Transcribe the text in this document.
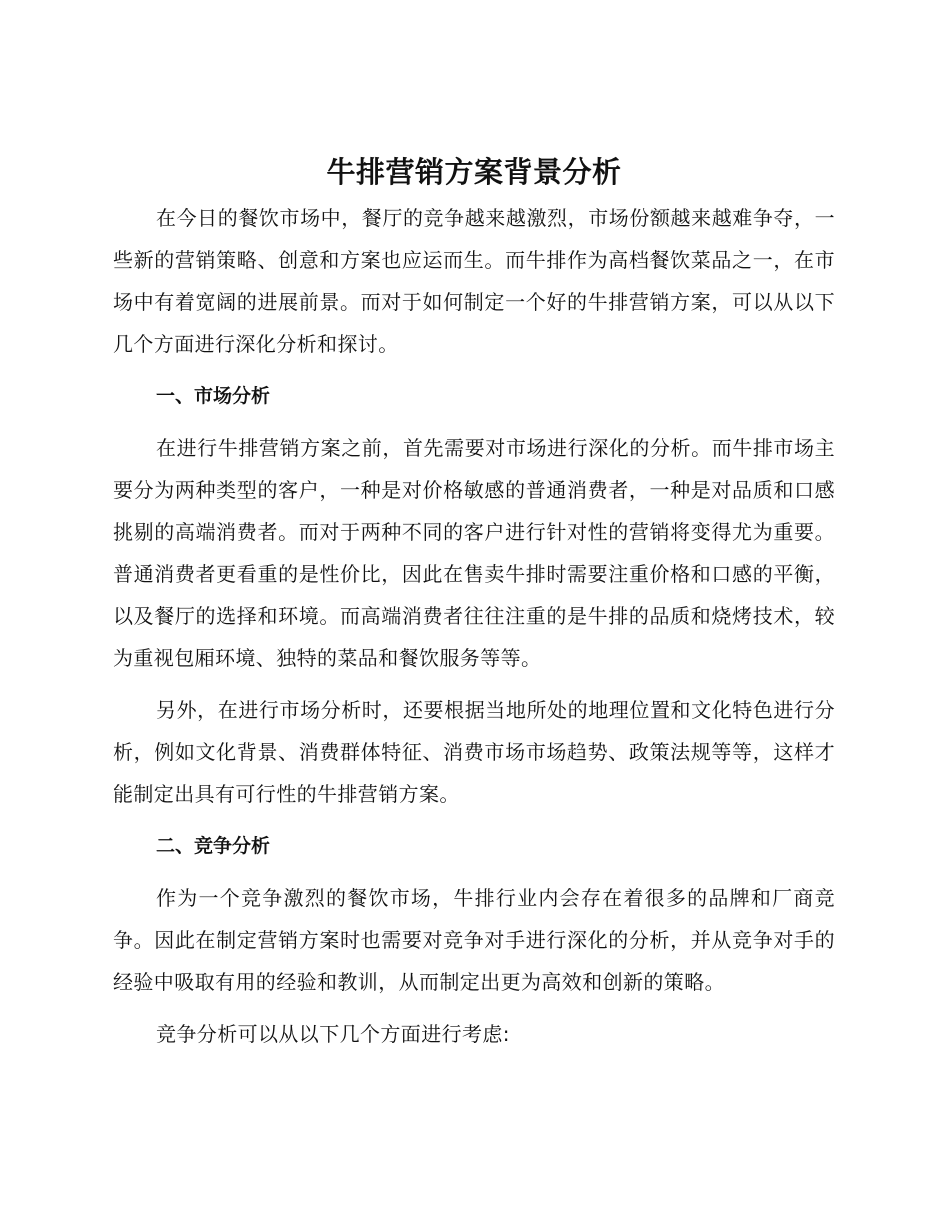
牛排营销方案背景分析

在今日的餐饮市场中，餐厅的竞争越来越激烈，市场份额越来越难争夺，一些新的营销策略、创意和方案也应运而生。而牛排作为高档餐饮菜品之一，在市场中有着宽阔的进展前景。而对于如何制定一个好的牛排营销方案，可以从以下几个方面进行深化分析和探讨。

一、市场分析

在进行牛排营销方案之前，首先需要对市场进行深化的分析。而牛排市场主要分为两种类型的客户，一种是对价格敏感的普通消费者，一种是对品质和口感挑剔的高端消费者。而对于两种不同的客户进行针对性的营销将变得尤为重要。普通消费者更看重的是性价比，因此在售卖牛排时需要注重价格和口感的平衡，以及餐厅的选择和环境。而高端消费者往往注重的是牛排的品质和烧烤技术，较为重视包厢环境、独特的菜品和餐饮服务等等。

另外，在进行市场分析时，还要根据当地所处的地理位置和文化特色进行分析，例如文化背景、消费群体特征、消费市场市场趋势、政策法规等等，这样才能制定出具有可行性的牛排营销方案。

二、竞争分析

作为一个竞争激烈的餐饮市场，牛排行业内会存在着很多的品牌和厂商竞争。因此在制定营销方案时也需要对竞争对手进行深化的分析，并从竞争对手的经验中吸取有用的经验和教训，从而制定出更为高效和创新的策略。

竞争分析可以从以下几个方面进行考虑:
